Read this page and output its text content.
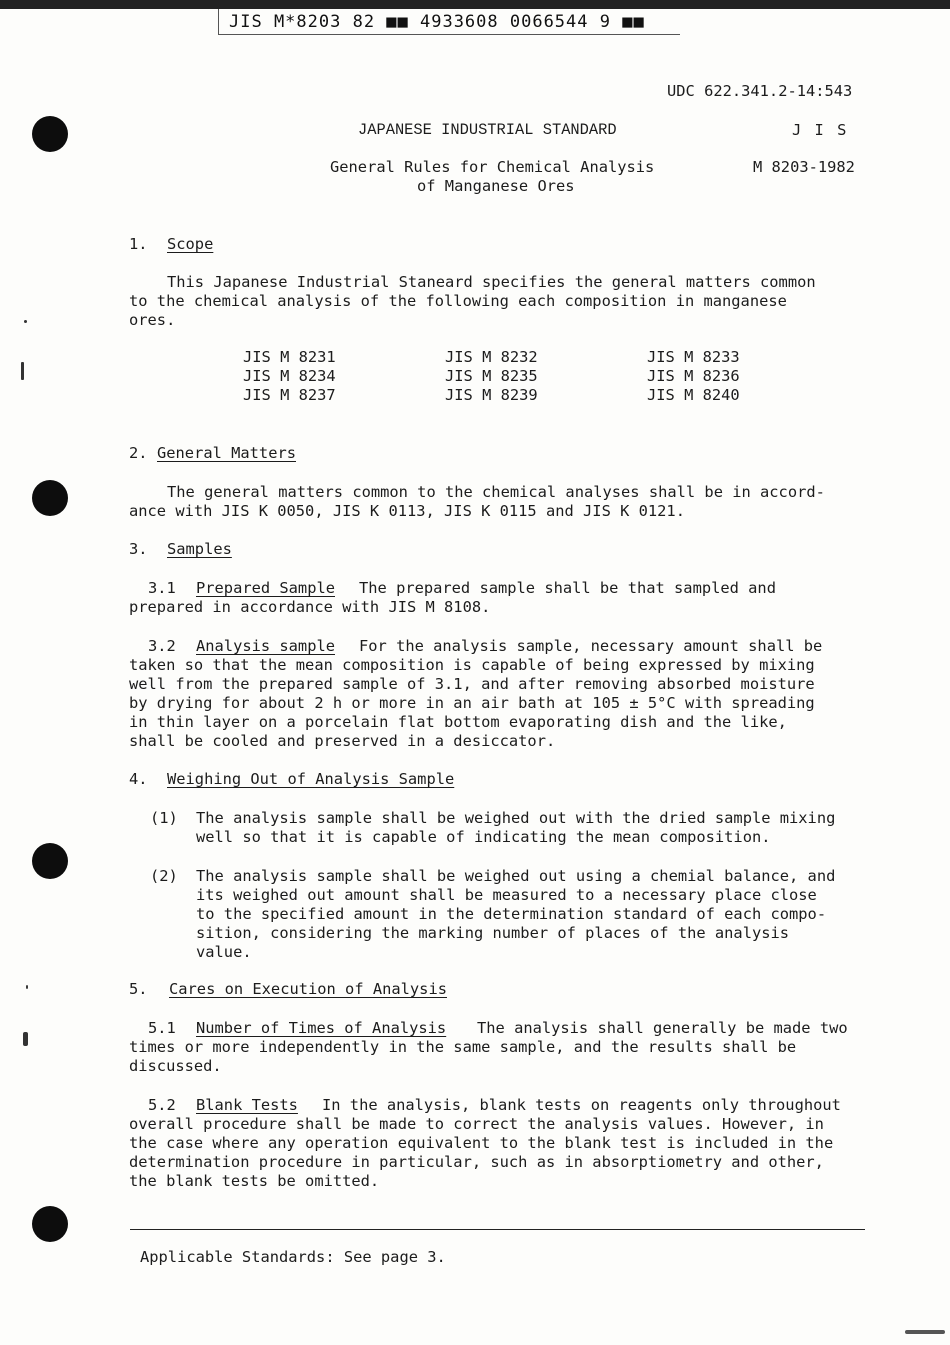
JIS M*8203 82 ■■ 4933608 0066544 9 ■■
UDC 622.341.2-14:543
JAPANESE INDUSTRIAL STANDARD	J I S
General Rules for Chemical Analysis
of Manganese Ores
M 8203-1982
1. Scope
This Japanese Industrial Staneard specifies the general matters common
to the chemical analysis of the following each composition in manganese
ores.
JIS M 8231	JIS M 8232	JIS M 8233
JIS M 8234	JIS M 8235	JIS M 8236
JIS M 8237	JIS M 8239	JIS M 8240
2. General Matters
The general matters common to the chemical analyses shall be in accord-
ance with JIS K 0050, JIS K 0113, JIS K 0115 and JIS K 0121.
3. Samples
3.1 Prepared Sample The prepared sample shall be that sampled and
prepared in accordance with JIS M 8108.
3.2 Analysis sample For the analysis sample, necessary amount shall be
taken so that the mean composition is capable of being expressed by mixing
well from the prepared sample of 3.1, and after removing absorbed moisture
by drying for about 2 h or more in an air bath at 105 ± 5°C with spreading
in thin layer on a porcelain flat bottom evaporating dish and the like,
shall be cooled and preserved in a desiccator.
4. Weighing Out of Analysis Sample
(1) The analysis sample shall be weighed out with the dried sample mixing
well so that it is capable of indicating the mean composition.
(2) The analysis sample shall be weighed out using a chemial balance, and
its weighed out amount shall be measured to a necessary place close
to the specified amount in the determination standard of each compo-
sition, considering the marking number of places of the analysis
value.
5. Cares on Execution of Analysis
5.1 Number of Times of Analysis The analysis shall generally be made two
times or more independently in the same sample, and the results shall be
discussed.
5.2 Blank Tests In the analysis, blank tests on reagents only throughout
overall procedure shall be made to correct the analysis values. However, in
the case where any operation equivalent to the blank test is included in the
determination procedure in particular, such as in absorptiometry and other,
the blank tests be omitted.
Applicable Standards: See page 3.
